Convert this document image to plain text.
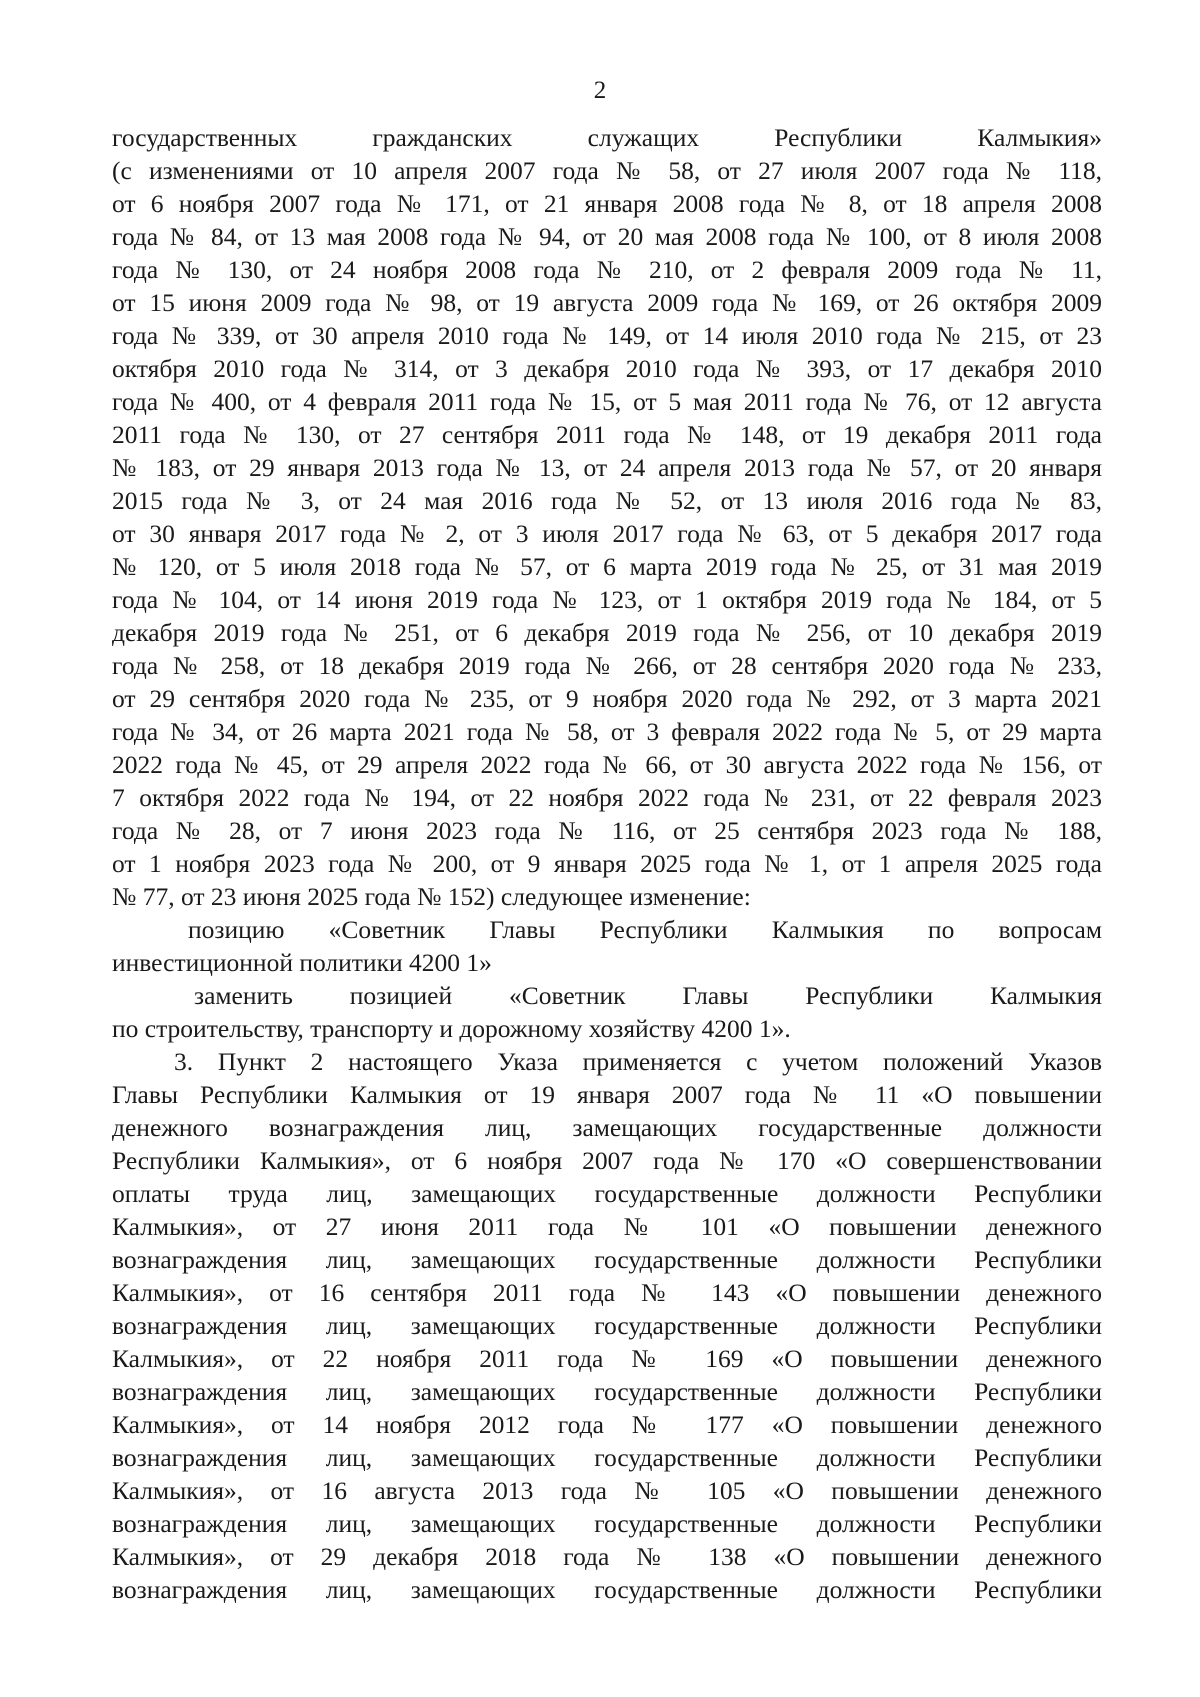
2
государственных гражданских служащих Республики Калмыкия»
(с изменениями от 10 апреля 2007 года № 58, от 27 июля 2007 года № 118,
от 6 ноября 2007 года № 171, от 21 января 2008 года № 8, от 18 апреля 2008
года № 84, от 13 мая 2008 года № 94, от 20 мая 2008 года № 100, от 8 июля 2008
года № 130, от 24 ноября 2008 года № 210, от 2 февраля 2009 года № 11,
от 15 июня 2009 года № 98, от 19 августа 2009 года № 169, от 26 октября 2009
года № 339, от 30 апреля 2010 года № 149, от 14 июля 2010 года № 215, от 23
октября 2010 года № 314, от 3 декабря 2010 года № 393, от 17 декабря 2010
года № 400, от 4 февраля 2011 года № 15, от 5 мая 2011 года № 76, от 12 августа
2011 года № 130, от 27 сентября 2011 года № 148, от 19 декабря 2011 года
№ 183, от 29 января 2013 года № 13, от 24 апреля 2013 года № 57, от 20 января
2015 года № 3, от 24 мая 2016 года № 52, от 13 июля 2016 года № 83,
от 30 января 2017 года № 2, от 3 июля 2017 года № 63, от 5 декабря 2017 года
№ 120, от 5 июля 2018 года № 57, от 6 марта 2019 года № 25, от 31 мая 2019
года № 104, от 14 июня 2019 года № 123, от 1 октября 2019 года № 184, от 5
декабря 2019 года № 251, от 6 декабря 2019 года № 256, от 10 декабря 2019
года № 258, от 18 декабря 2019 года № 266, от 28 сентября 2020 года № 233,
от 29 сентября 2020 года № 235, от 9 ноября 2020 года № 292, от 3 марта 2021
года № 34, от 26 марта 2021 года № 58, от 3 февраля 2022 года № 5, от 29 марта
2022 года № 45, от 29 апреля 2022 года № 66, от 30 августа 2022 года № 156, от
7 октября 2022 года № 194, от 22 ноября 2022 года № 231, от 22 февраля 2023
года № 28, от 7 июня 2023 года № 116, от 25 сентября 2023 года № 188,
от 1 ноября 2023 года № 200, от 9 января 2025 года № 1, от 1 апреля 2025 года
№ 77, от 23 июня 2025 года № 152) следующее изменение:
позицию «Советник Главы Республики Калмыкия по вопросам
инвестиционной политики 4200 1»
заменить позицией «Советник Главы Республики Калмыкия
по строительству, транспорту и дорожному хозяйству 4200 1».
3. Пункт 2 настоящего Указа применяется с учетом положений Указов
Главы Республики Калмыкия от 19 января 2007 года № 11 «О повышении
денежного вознаграждения лиц, замещающих государственные должности
Республики Калмыкия», от 6 ноября 2007 года № 170 «О совершенствовании
оплаты труда лиц, замещающих государственные должности Республики
Калмыкия», от 27 июня 2011 года № 101 «О повышении денежного
вознаграждения лиц, замещающих государственные должности Республики
Калмыкия», от 16 сентября 2011 года № 143 «О повышении денежного
вознаграждения лиц, замещающих государственные должности Республики
Калмыкия», от 22 ноября 2011 года № 169 «О повышении денежного
вознаграждения лиц, замещающих государственные должности Республики
Калмыкия», от 14 ноября 2012 года № 177 «О повышении денежного
вознаграждения лиц, замещающих государственные должности Республики
Калмыкия», от 16 августа 2013 года № 105 «О повышении денежного
вознаграждения лиц, замещающих государственные должности Республики
Калмыкия», от 29 декабря 2018 года № 138 «О повышении денежного
вознаграждения лиц, замещающих государственные должности Республики
